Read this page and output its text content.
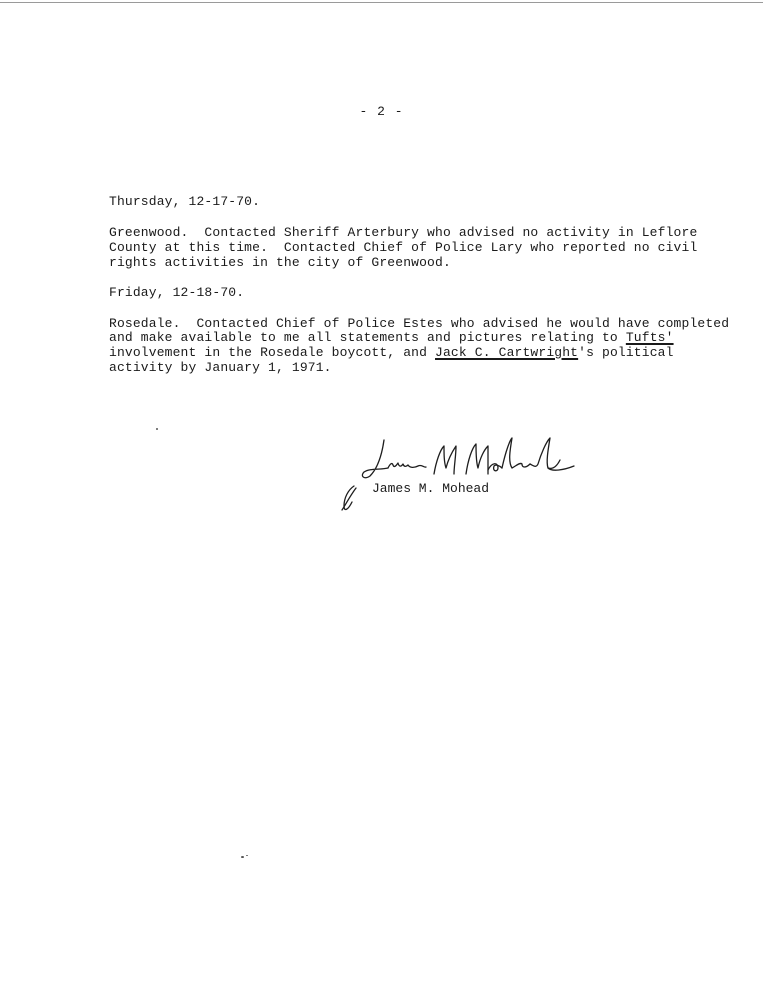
- 2 -
Thursday, 12-17-70.
Greenwood.  Contacted Sheriff Arterbury who advised no activity in Leflore
County at this time.  Contacted Chief of Police Lary who reported no civil
rights activities in the city of Greenwood.
Friday, 12-18-70.
Rosedale.  Contacted Chief of Police Estes who advised he would have completed
and make available to me all statements and pictures relating to Tufts'
involvement in the Rosedale boycott, and Jack C. Cartwright's political
activity by January 1, 1971.
James M. Mohead
